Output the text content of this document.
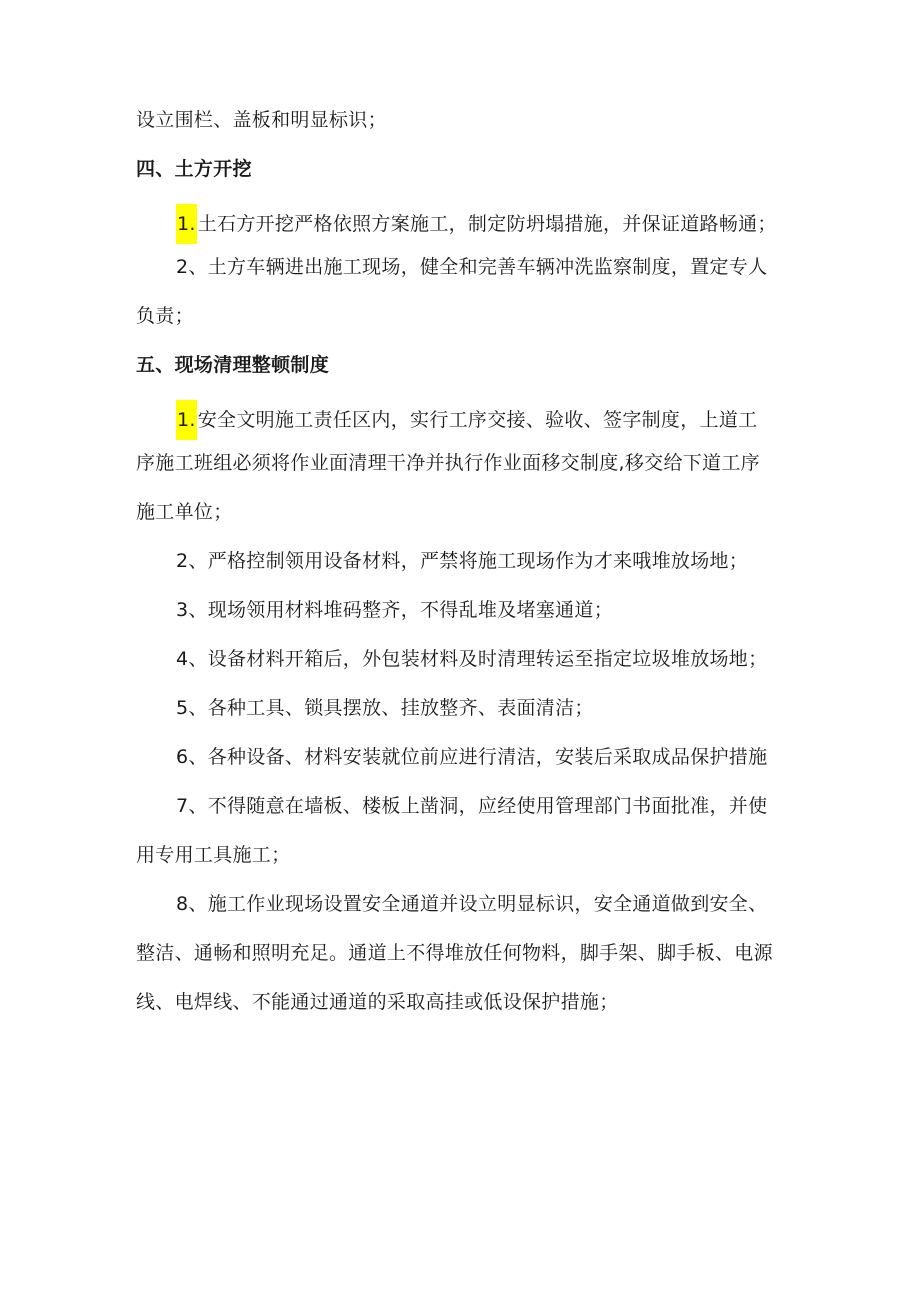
设立围栏、盖板和明显标识；
四、土方开挖
1. 土石方开挖严格依照方案施工，制定防坍塌措施，并保证道路畅通；
2、土方车辆进出施工现场，健全和完善车辆冲洗监察制度，置定专人
负责；
五、现场清理整顿制度
1. 安全文明施工责任区内，实行工序交接、验收、签字制度，上道工
序施工班组必须将作业面清理干净并执行作业面移交制度,移交给下道工序
施工单位；
2、严格控制领用设备材料，严禁将施工现场作为才来哦堆放场地；
3、现场领用材料堆码整齐，不得乱堆及堵塞通道；
4、设备材料开箱后，外包装材料及时清理转运至指定垃圾堆放场地；
5、各种工具、锁具摆放、挂放整齐、表面清洁；
6、各种设备、材料安装就位前应进行清洁，安装后采取成品保护措施
7、不得随意在墙板、楼板上凿洞，应经使用管理部门书面批准，并使
用专用工具施工；
8、施工作业现场设置安全通道并设立明显标识，安全通道做到安全、
整洁、通畅和照明充足。通道上不得堆放任何物料，脚手架、脚手板、电源
线、电焊线、不能通过通道的采取高挂或低设保护措施；
